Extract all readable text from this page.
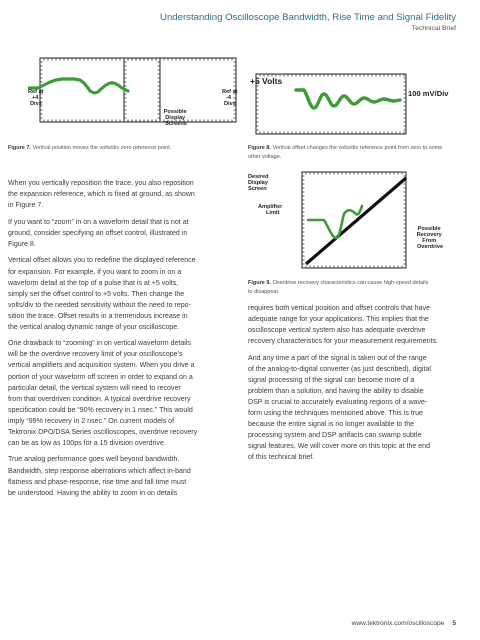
Understanding Oscilloscope Bandwidth, Rise Time and Signal Fidelity
Technical Brief
Ref at +4 Divs
Ref at -4 Divs
Possible Display Screens
Figure 7. Vertical position moves the volts/div zero reference point.
+5 Volts
100 mV/Div
Figure 8. Vertical offset changes the volts/div reference point from zero to some
other voltage.
Desired Display Screen
Amplifier Limit
Possible Recovery From Overdrive
Figure 9. Overdrive recovery characteristics can cause high-speed details
to disappear.

When you vertically reposition the trace, you also reposition
the expansion reference, which is fixed at ground, as shown
in Figure 7.

If you want to “zoom” in on a waveform detail that is not at
ground, consider specifying an offset control, illustrated in
Figure 8.

Vertical offset allows you to redefine the displayed reference
for expansion. For example, if you want to zoom in on a
waveform detail at the top of a pulse that is at +5 volts,
simply set the offset control to +5 volts. Then change the
volts/div to the needed sensitivity without the need to repo-
sition the trace. Offset results in a tremendous increase in
the vertical analog dynamic range of your oscilloscope.

One drawback to “zooming” in on vertical waveform details
will be the overdrive recovery limit of your oscilloscope’s
vertical amplifiers and acquisition system. When you drive a
portion of your waveform off screen in order to expand on a
particular detail, the vertical system will need to recover
from that overdriven condition. A typical overdrive recovery
specification could be “90% recovery in 1 nsec.” This would
imply “99% recovery in 2 nsec.” On current models of
Tektronix DPO/DSA Series oscilloscopes, overdrive recovery
can be as low as 100ps for a 15 division overdrive.

True analog performance goes well beyond bandwidth.
Bandwidth, step response aberrations which affect in-band
flatness and phase-response, rise time and fall time must
be understood. Having the ability to zoom in on details

requires both vertical position and offset controls that have
adequate range for your applications. This implies that the
oscilloscope vertical system also has adequate overdrive
recovery characteristics for your measurement requirements.

And any time a part of the signal is taken out of the range
of the analog-to-digital converter (as just described), digital
signal processing of the signal can become more of a
problem than a solution, and having the ability to disable
DSP is crucial to accurately evaluating regions of a wave-
form using the techniques mentioned above. This is true
because the entire signal is no longer available to the
processing system and DSP artifacts can swamp subtle
signal features. We will cover more on this topic at the end
of this technical brief.

www.tektronix.com/oscilloscope 5
